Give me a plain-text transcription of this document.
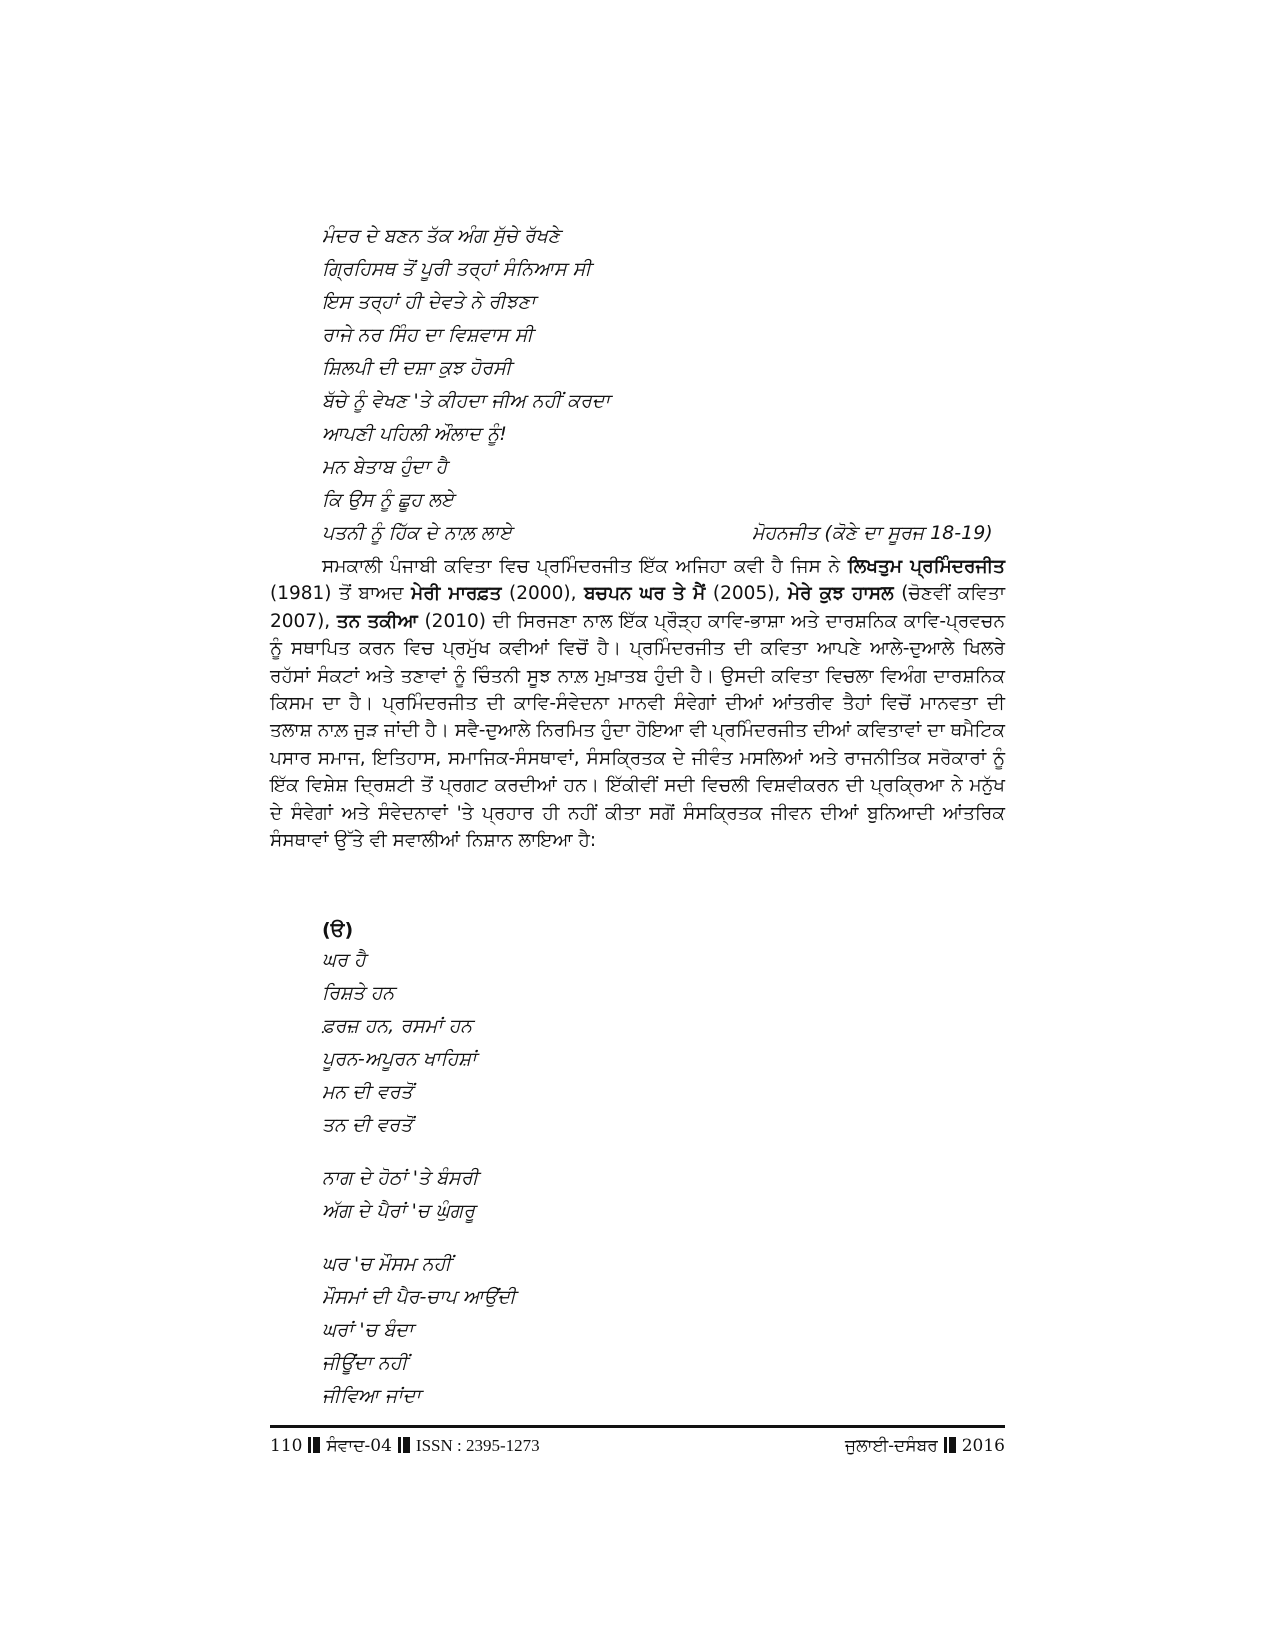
ਮੰਦਰ ਦੇ ਬਣਨ ਤੱਕ ਅੰਗ ਸੁੱਚੇ ਰੱਖਣੇ
ਗ੍ਰਿਹਿਸਥ ਤੋਂ ਪੂਰੀ ਤਰ੍ਹਾਂ ਸੰਨਿਆਸ ਸੀ
ਇਸ ਤਰ੍ਹਾਂ ਹੀ ਦੇਵਤੇ ਨੇ ਰੀਝਣਾ
ਰਾਜੇ ਨਰ ਸਿੰਹ ਦਾ ਵਿਸ਼ਵਾਸ ਸੀ
ਸ਼ਿਲਪੀ ਦੀ ਦਸ਼ਾ ਕੁਝ ਹੋਰਸੀ
ਬੱਚੇ ਨੂੰ ਵੇਖਣ 'ਤੇ ਕੀਹਦਾ ਜੀਅ ਨਹੀਂ ਕਰਦਾ
ਆਪਣੀ ਪਹਿਲੀ ਔਲਾਦ ਨੂੰ!
ਮਨ ਬੇਤਾਬ ਹੁੰਦਾ ਹੈ
ਕਿ ਉਸ ਨੂੰ ਛੂਹ ਲਏ
ਪਤਨੀ ਨੂੰ ਹਿੱਕ ਦੇ ਨਾਲ਼ ਲਾਏ	ਮੋਹਨਜੀਤ (ਕੋਣੇ ਦਾ ਸੂਰਜ 18-19)

ਸਮਕਾਲੀ ਪੰਜਾਬੀ ਕਵਿਤਾ ਵਿਚ ਪ੍ਰਮਿੰਦਰਜੀਤ ਇੱਕ ਅਜਿਹਾ ਕਵੀ ਹੈ ਜਿਸ ਨੇ ਲਿਖਤੁਮ ਪ੍ਰਮਿੰਦਰਜੀਤ (1981) ਤੋਂ ਬਾਅਦ ਮੇਰੀ ਮਾਰਫ਼ਤ (2000), ਬਚਪਨ ਘਰ ਤੇ ਮੈਂ (2005), ਮੇਰੇ ਕੁਝ ਹਾਸਲ (ਚੋਣਵੀਂ ਕਵਿਤਾ 2007), ਤਨ ਤਕੀਆ (2010) ਦੀ ਸਿਰਜਣਾ ਨਾਲ ਇੱਕ ਪ੍ਰੌੜ੍ਹ ਕਾਵਿ-ਭਾਸ਼ਾ ਅਤੇ ਦਾਰਸ਼ਨਿਕ ਕਾਵਿ-ਪ੍ਰਵਚਨ ਨੂੰ ਸਥਾਪਿਤ ਕਰਨ ਵਿਚ ਪ੍ਰਮੁੱਖ ਕਵੀਆਂ ਵਿਚੋਂ ਹੈ। ਪ੍ਰਮਿੰਦਰਜੀਤ ਦੀ ਕਵਿਤਾ ਆਪਣੇ ਆਲੇ-ਦੁਆਲੇ ਖਿਲਰੇ ਰਹੱਸਾਂ ਸੰਕਟਾਂ ਅਤੇ ਤਣਾਵਾਂ ਨੂੰ ਚਿੰਤਨੀ ਸੂਝ ਨਾਲ਼ ਮੁਖ਼ਾਤਬ ਹੁੰਦੀ ਹੈ। ਉਸਦੀ ਕਵਿਤਾ ਵਿਚਲਾ ਵਿਅੰਗ ਦਾਰਸ਼ਨਿਕ ਕਿਸਮ ਦਾ ਹੈ। ਪ੍ਰਮਿੰਦਰਜੀਤ ਦੀ ਕਾਵਿ-ਸੰਵੇਦਨਾ ਮਾਨਵੀ ਸੰਵੇਗਾਂ ਦੀਆਂ ਆਂਤਰੀਵ ਤੈਹਾਂ ਵਿਚੋਂ ਮਾਨਵਤਾ ਦੀ ਤਲਾਸ਼ ਨਾਲ਼ ਜੁੜ ਜਾਂਦੀ ਹੈ। ਸਵੈ-ਦੁਆਲੇ ਨਿਰਮਿਤ ਹੁੰਦਾ ਹੋਇਆ ਵੀ ਪ੍ਰਮਿੰਦਰਜੀਤ ਦੀਆਂ ਕਵਿਤਾਵਾਂ ਦਾ ਥਮੈਟਿਕ ਪਸਾਰ ਸਮਾਜ, ਇਤਿਹਾਸ, ਸਮਾਜਿਕ-ਸੰਸਥਾਵਾਂ, ਸੰਸਕ੍ਰਿਤਕ ਦੇ ਜੀਵੰਤ ਮਸਲਿਆਂ ਅਤੇ ਰਾਜਨੀਤਿਕ ਸਰੋਕਾਰਾਂ ਨੂੰ ਇੱਕ ਵਿਸ਼ੇਸ਼ ਦ੍ਰਿਸ਼ਟੀ ਤੋਂ ਪ੍ਰਗਟ ਕਰਦੀਆਂ ਹਨ। ਇੱਕੀਵੀਂ ਸਦੀ ਵਿਚਲੀ ਵਿਸ਼ਵੀਕਰਨ ਦੀ ਪ੍ਰਕ੍ਰਿਆ ਨੇ ਮਨੁੱਖ ਦੇ ਸੰਵੇਗਾਂ ਅਤੇ ਸੰਵੇਦਨਾਵਾਂ 'ਤੇ ਪ੍ਰਹਾਰ ਹੀ ਨਹੀਂ ਕੀਤਾ ਸਗੋਂ ਸੰਸਕ੍ਰਿਤਕ ਜੀਵਨ ਦੀਆਂ ਬੁਨਿਆਦੀ ਆਂਤਰਿਕ ਸੰਸਥਾਵਾਂ ਉੱਤੇ ਵੀ ਸਵਾਲੀਆਂ ਨਿਸ਼ਾਨ ਲਾਇਆ ਹੈ:

(ੳ)
ਘਰ ਹੈ
ਰਿਸ਼ਤੇ ਹਨ
ਫ਼ਰਜ਼ ਹਨ, ਰਸਮਾਂ ਹਨ
ਪੂਰਨ-ਅਪੂਰਨ ਖਾਹਿਸ਼ਾਂ
ਮਨ ਦੀ ਵਰਤੋਂ
ਤਨ ਦੀ ਵਰਤੋਂ
ਨਾਗ ਦੇ ਹੋਠਾਂ 'ਤੇ ਬੰਸਰੀ
ਅੱਗ ਦੇ ਪੈਰਾਂ 'ਚ ਘੁੰਗਰੂ
ਘਰ 'ਚ ਮੌਸਮ ਨਹੀਂ
ਮੌਸਮਾਂ ਦੀ ਪੈਰ-ਚਾਪ ਆਉਂਦੀ
ਘਰਾਂ 'ਚ ਬੰਦਾ
ਜੀਊਂਦਾ ਨਹੀਂ
ਜੀਵਿਆ ਜਾਂਦਾ
110 ਸੰਵਾਦ-04 ISSN : 2395-1273	ਜੁਲਾਈ-ਦਸੰਬਰ 2016
